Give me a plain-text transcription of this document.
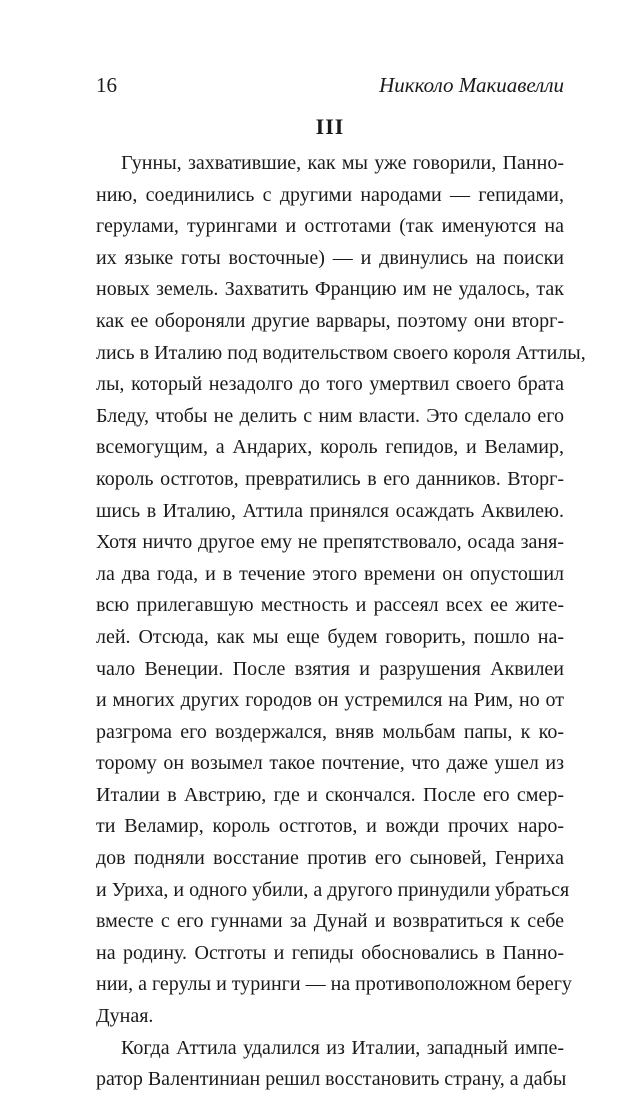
16	Никколо Макиавелли
III
Гунны, захватившие, как мы уже говорили, Панно-
нию, соединились с другими народами — гепидами,
герулами, турингами и остготами (так именуются на
их языке готы восточные) — и двинулись на поиски
новых земель. Захватить Францию им не удалось, так
как ее обороняли другие варвары, поэтому они вторг-
лись в Италию под водительством своего короля Аттилы,
лы, который незадолго до того умертвил своего брата
Бледу, чтобы не делить с ним власти. Это сделало его
всемогущим, а Андарих, король гепидов, и Веламир,
король остготов, превратились в его данников. Вторг-
шись в Италию, Аттила принялся осаждать Аквилею.
Хотя ничто другое ему не препятствовало, осада заня-
ла два года, и в течение этого времени он опустошил
всю прилегавшую местность и рассеял всех ее жите-
лей. Отсюда, как мы еще будем говорить, пошло на-
чало Венеции. После взятия и разрушения Аквилеи
и многих других городов он устремился на Рим, но от
разгрома его воздержался, вняв мольбам папы, к ко-
торому он возымел такое почтение, что даже ушел из
Италии в Австрию, где и скончался. После его смер-
ти Веламир, король остготов, и вожди прочих наро-
дов подняли восстание против его сыновей, Генриха
и Уриха, и одного убили, а другого принудили убраться
вместе с его гуннами за Дунай и возвратиться к себе
на родину. Остготы и гепиды обосновались в Панно-
нии, а герулы и туринги — на противоположном берегу
Дуная.
Когда Аттила удалился из Италии, западный импе-
ратор Валентиниан решил восстановить страну, а дабы
